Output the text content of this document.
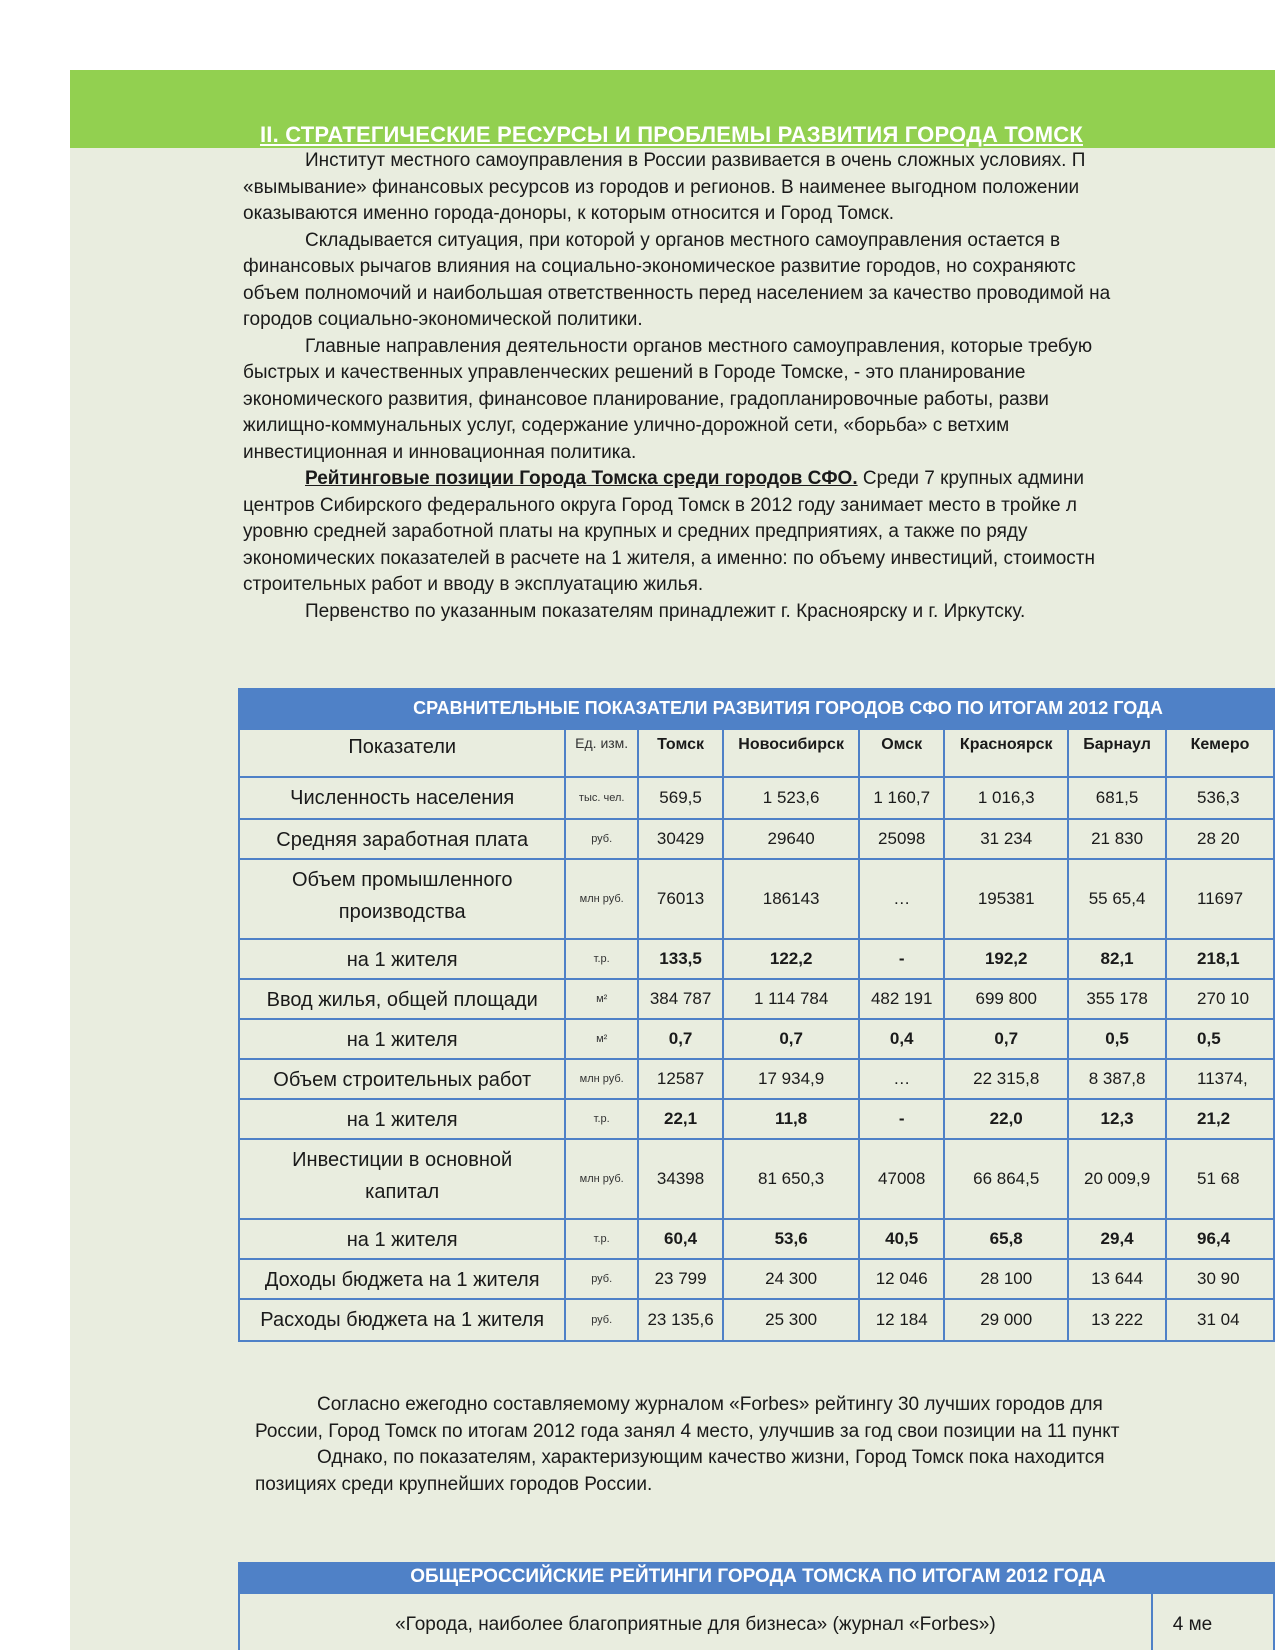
II. СТРАТЕГИЧЕСКИЕ РЕСУРСЫ И ПРОБЛЕМЫ РАЗВИТИЯ ГОРОДА ТОМСК

Институт местного самоуправления в России развивается в очень сложных условиях. П

«вымывание» финансовых ресурсов из городов и регионов. В наименее выгодном положении

оказываются именно города-доноры, к которым относится и Город Томск.

Складывается ситуация, при которой у органов местного самоуправления остается в

финансовых рычагов влияния на социально-экономическое развитие городов, но сохраняютс

объем полномочий и наибольшая ответственность перед населением за качество проводимой на

городов социально-экономической политики.

Главные направления деятельности органов местного самоуправления, которые требую

быстрых и качественных управленческих решений в Городе Томске, - это планирование

экономического развития, финансовое планирование, градопланировочные работы, разви

жилищно-коммунальных услуг, содержание улично-дорожной сети, «борьба» с ветхим

инвестиционная и инновационная политика.

Рейтинговые позиции Города Томска среди городов СФО. Среди 7 крупных админи

центров Сибирского федерального округа Город Томск в 2012 году занимает место в тройке л

уровню средней заработной платы на крупных и средних предприятиях, а также по ряду

экономических показателей в расчете на 1 жителя, а именно: по объему инвестиций, стоимостн

строительных работ и вводу в эксплуатацию жилья.

Первенство по указанным показателям принадлежит г. Красноярску и г. Иркутску.

СРАВНИТЕЛЬНЫЕ ПОКАЗАТЕЛИ РАЗВИТИЯ ГОРОДОВ СФО ПО ИТОГАМ 2012 ГОДА
Показатели	Ед. изм.	Томск	Новосибирск	Омск	Красноярск	Барнаул	Кемеро
Численность населения	тыс. чел.	569,5	1 523,6	1 160,7	1 016,3	681,5	536,3
Средняя заработная плата	руб.	30429	29640	25098	31 234	21 830	28 20
Объем промышленного
производства	млн руб.	76013	186143	…	195381	55 65,4	11697
на 1 жителя	т.р.	133,5	122,2	-	192,2	82,1	218,1
Ввод жилья, общей площади	м²	384 787	1 114 784	482 191	699 800	355 178	270 10
на 1 жителя	м²	0,7	0,7	0,4	0,7	0,5	0,5
Объем строительных работ	млн руб.	12587	17 934,9	…	22 315,8	8 387,8	11374,
на 1 жителя	т.р.	22,1	11,8	-	22,0	12,3	21,2
Инвестиции в основной
капитал	млн руб.	34398	81 650,3	47008	66 864,5	20 009,9	51 68
на 1 жителя	т.р.	60,4	53,6	40,5	65,8	29,4	96,4
Доходы бюджета на 1 жителя	руб.	23 799	24 300	12 046	28 100	13 644	30 90
Расходы бюджета на 1 жителя	руб.	23 135,6	25 300	12 184	29 000	13 222	31 04

Согласно ежегодно составляемому журналом «Forbes» рейтингу 30 лучших городов для

России, Город Томск по итогам 2012 года занял 4 место, улучшив за год свои позиции на 11 пункт

Однако, по показателям, характеризующим качество жизни, Город Томск пока находится

позициях среди крупнейших городов России.

ОБЩЕРОССИЙСКИЕ РЕЙТИНГИ ГОРОДА ТОМСКА ПО ИТОГАМ 2012 ГОДА
«Города, наиболее благоприятные для бизнеса» (журнал «Forbes»)	4 ме
